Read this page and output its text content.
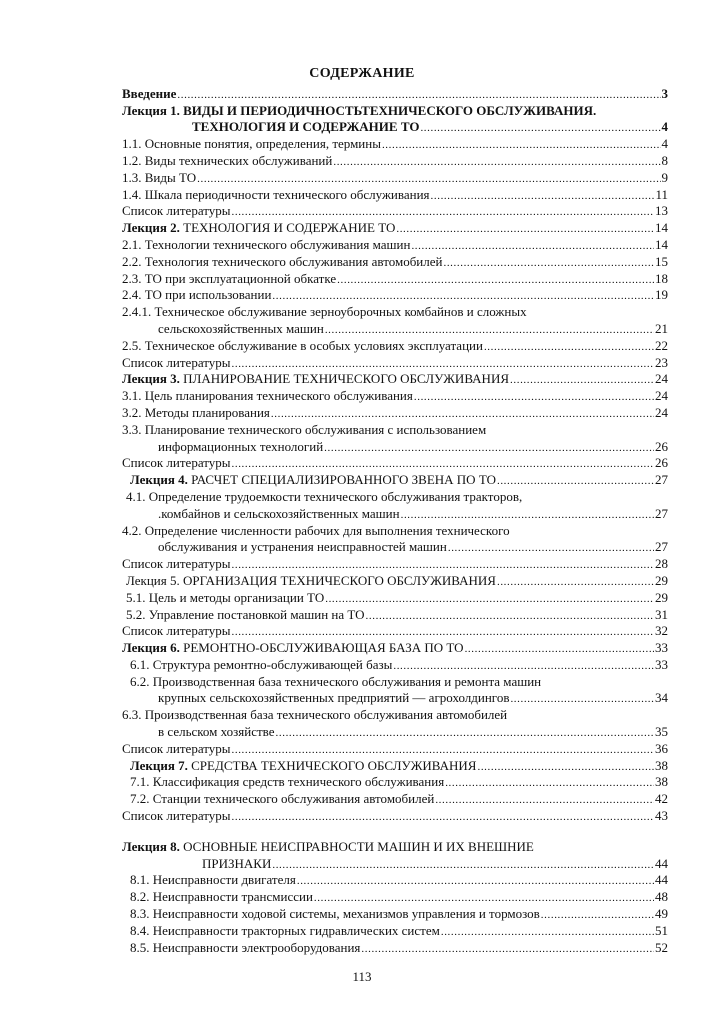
СОДЕРЖАНИЕ
Введение .....	3
Лекция 1. ВИДЫ И ПЕРИОДИЧНОСТЬТЕХНИЧЕСКОГО ОБСЛУЖИВАНИЯ.
ТЕХНОЛОГИЯ И СОДЕРЖАНИЕ ТО .....	4
1.1. Основные понятия, определения, термины .....	4
1.2. Виды технических обслуживаний .....	8
1.3. Виды ТО .....	9
1.4. Шкала периодичности технического обслуживания .....	11
Список литературы .....	13
Лекция 2. ТЕХНОЛОГИЯ И СОДЕРЖАНИЕ ТО .....	14
2.1. Технологии технического обслуживания машин .....	14
2.2. Технология технического обслуживания автомобилей .....	15
2.3. ТО при эксплуатационной обкатке .....	18
2.4. ТО при использовании .....	19
2.4.1. Техническое обслуживание зерноуборочных комбайнов и сложных
сельскохозяйственных машин .....	21
2.5. Техническое обслуживание в особых условиях эксплуатации .....	22
Список литературы .....	23
Лекция 3. ПЛАНИРОВАНИЕ ТЕХНИЧЕСКОГО ОБСЛУЖИВАНИЯ .....	24
3.1. Цель планирования технического обслуживания .....	24
3.2. Методы планирования .....	24
3.3. Планирование технического обслуживания с использованием
информационных технологий .....	26
Список литературы .....	26
Лекция 4. РАСЧЕТ СПЕЦИАЛИЗИРОВАННОГО ЗВЕНА ПО ТО .....	27
4.1. Определение трудоемкости технического обслуживания тракторов,
.комбайнов и сельскохозяйственных машин .....	27
4.2. Определение численности рабочих для выполнения технического
обслуживания и устранения неисправностей машин .....	27
Список литературы .....	28
Лекция 5. ОРГАНИЗАЦИЯ ТЕХНИЧЕСКОГО ОБСЛУЖИВАНИЯ .....	29
5.1. Цель и методы организации ТО .....	29
5.2. Управление постановкой машин на ТО .....	31
Список литературы .....	32
Лекция 6. РЕМОНТНО-ОБСЛУЖИВАЮЩАЯ БАЗА ПО ТО .....	33
6.1. Структура ремонтно-обслуживающей базы .....	33
6.2. Производственная база технического обслуживания и ремонта машин
крупных сельскохозяйственных предприятий — агрохолдингов .....	34
6.3. Производственная база технического обслуживания автомобилей
в сельском хозяйстве .....	35
Список литературы .....	36
Лекция 7. СРЕДСТВА ТЕХНИЧЕСКОГО ОБСЛУЖИВАНИЯ .....	38
7.1. Классификация средств технического обслуживания .....	38
7.2. Станции технического обслуживания автомобилей .....	42
Список литературы .....	43
Лекция 8. ОСНОВНЫЕ НЕИСПРАВНОСТИ МАШИН И ИХ ВНЕШНИЕ
ПРИЗНАКИ .....	44
8.1. Неисправности двигателя .....	44
8.2. Неисправности трансмиссии .....	48
8.3. Неисправности ходовой системы, механизмов управления и тормозов .....	49
8.4. Неисправности тракторных гидравлических систем .....	51
8.5. Неисправности электрооборудования .....	52
113
